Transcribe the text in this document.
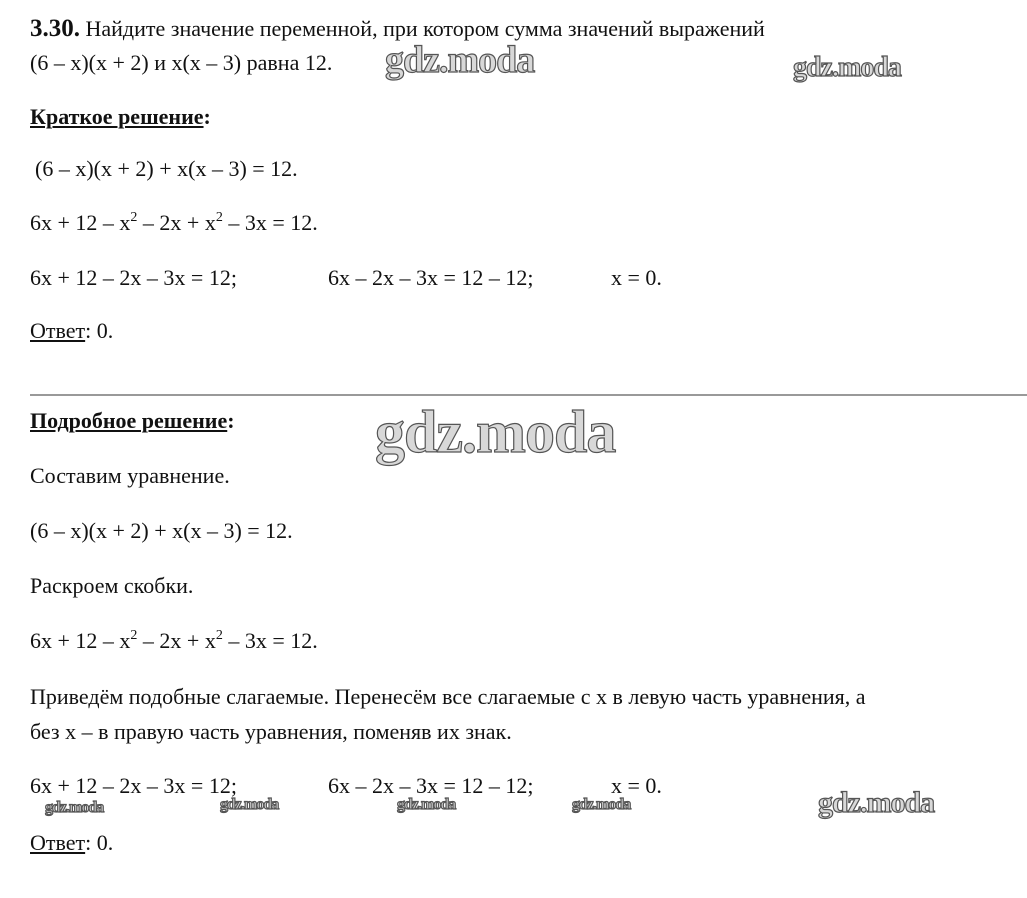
3.30. Найдите значение переменной, при котором сумма значений выражений
(6 – x)(x + 2) и x(x – 3) равна 12. gdz.moda	gdz.moda
Краткое решение:
(6 – x)(x + 2) + x(x – 3) = 12.
$6x + 12 - x^2 - 2x + x^2 - 3x = 12$.
6x + 12 – 2x – 3x = 12;	6x – 2x – 3x = 12 – 12;	x = 0.
Ответ: 0.
Подробное решение: gdz.moda
Составим уравнение.
(6 – x)(x + 2) + x(x – 3) = 12.
Раскроем скобки.
$6x + 12 - x^2 - 2x + x^2 - 3x = 12$.
Приведём подобные слагаемые. Перенесём все слагаемые с x в левую часть уравнения, а
без x – в правую часть уравнения, поменяв их знак.
6x + 12 – 2x – 3x = 12;	6x – 2x – 3x = 12 – 12;	x = 0.
gdz.moda	gdz.moda	gdz.moda	gdz.moda	gdz.moda
Ответ: 0.
